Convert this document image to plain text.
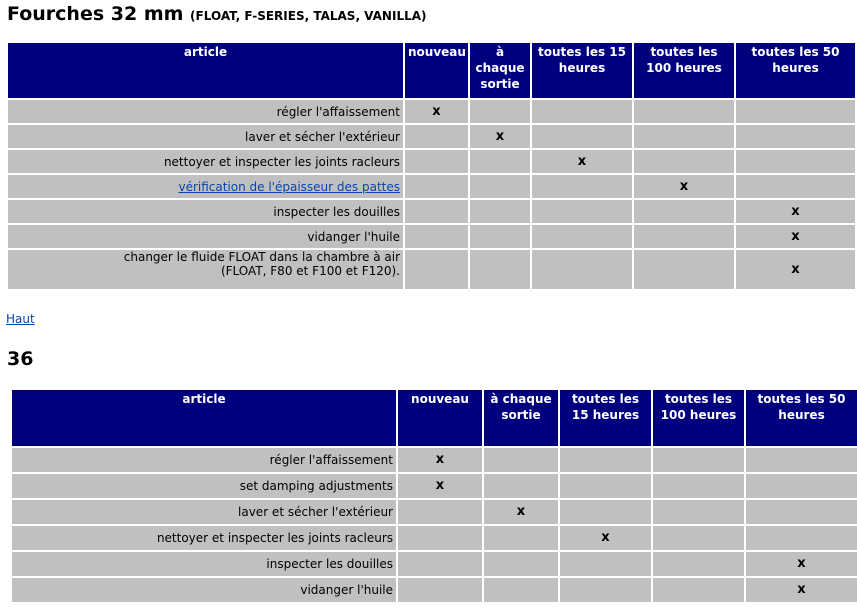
Fourches 32 mm (FLOAT, F-SERIES, TALAS, VANILLA)
article	nouveau	à chaque sortie	toutes les 15 heures	toutes les 100 heures	toutes les 50 heures
régler l'affaissement	x				
laver et sécher l'extérieur		x			
nettoyer et inspecter les joints racleurs			x		
vérification de l'épaisseur des pattes				x	
inspecter les douilles					x
vidanger l'huile					x
changer le fluide FLOAT dans la chambre à air
(FLOAT, F80 et F100 et F120).					x
Haut
36
article	nouveau	à chaque sortie	toutes les 15 heures	toutes les 100 heures	toutes les 50 heures
régler l'affaissement	x				
set damping adjustments	x				
laver et sécher l'extérieur		x			
nettoyer et inspecter les joints racleurs			x		
inspecter les douilles					x
vidanger l'huile					x
